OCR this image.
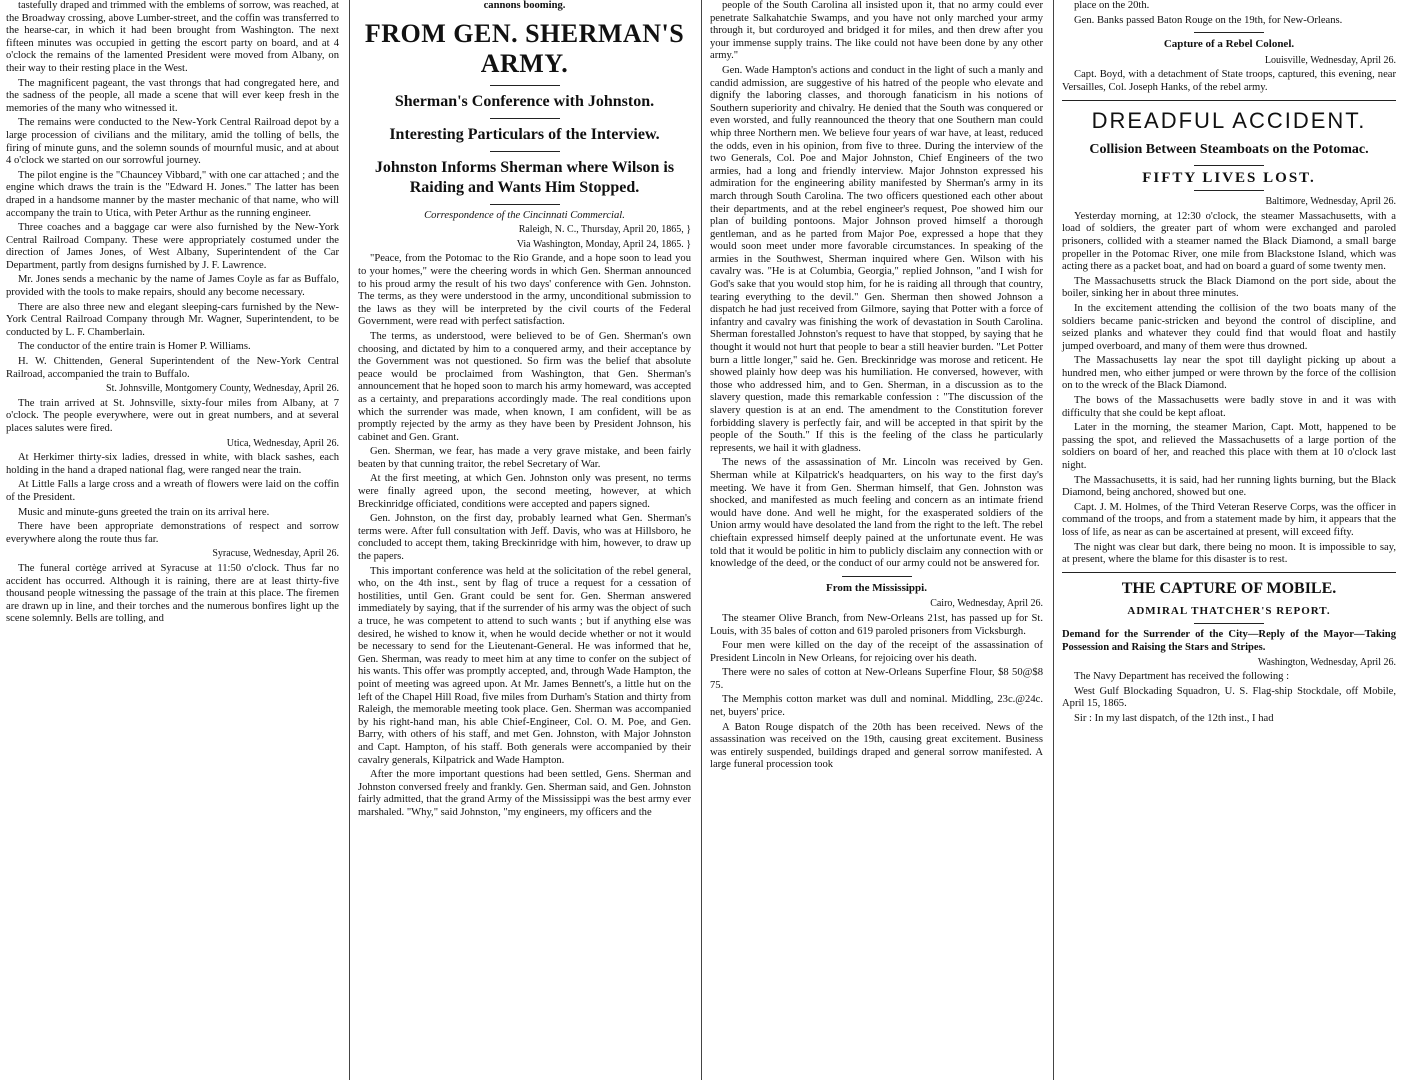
tastefully draped and trimmed with the emblems of sorrow, was reached, at the Broadway crossing, above Lumber-street, and the coffin was transferred to the hearse-car, in which it had been brought from Washington. The next fifteen minutes was occupied in getting the escort party on board, and at 4 o'clock the remains of the lamented President were moved from Albany, on their way to their resting place in the West.

The magnificent pageant, the vast throngs that had congregated here, and the sadness of the people, all made a scene that will ever keep fresh in the memories of the many who witnessed it.

The remains were conducted to the New-York Central Railroad depot by a large procession of civilians and the military, amid the tolling of bells, the firing of minute guns, and the solemn sounds of mournful music, and at about 4 o'clock we started on our sorrowful journey.

The pilot engine is the "Chauncey Vibbard," with one car attached ; and the engine which draws the train is the "Edward H. Jones." The latter has been draped in a handsome manner by the master mechanic of that name, who will accompany the train to Utica, with Peter Arthur as the running engineer.

Three coaches and a baggage car were also furnished by the New-York Central Railroad Company. These were appropriately costumed under the direction of James Jones, of West Albany, Superintendent of the Car Department, partly from designs furnished by J. F. Lawrence.

Mr. Jones sends a mechanic by the name of James Coyle as far as Buffalo, provided with the tools to make repairs, should any become necessary.

There are also three new and elegant sleeping-cars furnished by the New-York Central Railroad Company through Mr. Wagner, Superintendent, to be conducted by L. F. Chamberlain.

The conductor of the entire train is Homer P. Williams.

H. W. Chittenden, General Superintendent of the New-York Central Railroad, accompanied the train to Buffalo.

St. Johnsville, Montgomery County, Wednesday, April 26.

The train arrived at St. Johnsville, sixty-four miles from Albany, at 7 o'clock. The people everywhere, were out in great numbers, and at several places salutes were fired.

Utica, Wednesday, April 26.

At Herkimer thirty-six ladies, dressed in white, with black sashes, each holding in the hand a draped national flag, were ranged near the train.

At Little Falls a large cross and a wreath of flowers were laid on the coffin of the President.

Music and minute-guns greeted the train on its arrival here.

There have been appropriate demonstrations of respect and sorrow everywhere along the route thus far.

Syracuse, Wednesday, April 26.

The funeral cortège arrived at Syracuse at 11:50 o'clock. Thus far no accident has occurred. Although it is raining, there are at least thirty-five thousand people witnessing the passage of the train at this place. The firemen are drawn up in line, and their torches and the numerous bonfires light up the scene solemnly. Bells are tolling, and

cannons booming.

FROM GEN. SHERMAN'S ARMY.
Sherman's Conference with Johnston.
Interesting Particulars of the Interview.
Johnston Informs Sherman where Wilson is Raiding and Wants Him Stopped.

Correspondence of the Cincinnati Commercial.

Raleigh, N. C., Thursday, April 20, 1865, }
Via Washington, Monday, April 24, 1865. }

"Peace, from the Potomac to the Rio Grande, and a hope soon to lead you to your homes," were the cheering words in which Gen. Sherman announced to his proud army the result of his two days' conference with Gen. Johnston. The terms, as they were understood in the army, unconditional submission to the laws as they will be interpreted by the civil courts of the Federal Government, were read with perfect satisfaction.

The terms, as understood, were believed to be of Gen. Sherman's own choosing, and dictated by him to a conquered army, and their acceptance by the Government was not questioned. So firm was the belief that absolute peace would be proclaimed from Washington, that Gen. Sherman's announcement that he hoped soon to march his army homeward, was accepted as a certainty, and preparations accordingly made. The real conditions upon which the surrender was made, when known, I am confident, will be as promptly rejected by the army as they have been by President Johnson, his cabinet and Gen. Grant.

Gen. Sherman, we fear, has made a very grave mistake, and been fairly beaten by that cunning traitor, the rebel Secretary of War.

At the first meeting, at which Gen. Johnston only was present, no terms were finally agreed upon, the second meeting, however, at which Breckinridge officiated, conditions were accepted and papers signed.

Gen. Johnston, on the first day, probably learned what Gen. Sherman's terms were. After full consultation with Jeff. Davis, who was at Hillsboro, he concluded to accept them, taking Breckinridge with him, however, to draw up the papers.

This important conference was held at the solicitation of the rebel general, who, on the 4th inst., sent by flag of truce a request for a cessation of hostilities, until Gen. Grant could be sent for. Gen. Sherman answered immediately by saying, that if the surrender of his army was the object of such a truce, he was competent to attend to such wants ; but if anything else was desired, he wished to know it, when he would decide whether or not it would be necessary to send for the Lieutenant-General. He was informed that he, Gen. Sherman, was ready to meet him at any time to confer on the subject of his wants. This offer was promptly accepted, and, through Wade Hampton, the point of meeting was agreed upon. At Mr. James Bennett's, a little hut on the left of the Chapel Hill Road, five miles from Durham's Station and thirty from Raleigh, the memorable meeting took place. Gen. Sherman was accompanied by his right-hand man, his able Chief-Engineer, Col. O. M. Poe, and Gen. Barry, with others of his staff, and met Gen. Johnston, with Major Johnston and Capt. Hampton, of his staff. Both generals were accompanied by their cavalry generals, Kilpatrick and Wade Hampton.

After the more important questions had been settled, Gens. Sherman and Johnston conversed freely and frankly. Gen. Sherman said, and Gen. Johnston fairly admitted, that the grand Army of the Mississippi was the best army ever marshaled. "Why," said Johnston, "my engineers, my officers and the

people of the South Carolina all insisted upon it, that no army could ever penetrate Salkahatchie Swamps, and you have not only marched your army through it, but corduroyed and bridged it for miles, and then drew after you your immense supply trains. The like could not have been done by any other army."

Gen. Wade Hampton's actions and conduct in the light of such a manly and candid admission, are suggestive of his hatred of the people who elevate and dignify the laboring classes, and thorough fanaticism in his notions of Southern superiority and chivalry. He denied that the South was conquered or even worsted, and fully reannounced the theory that one Southern man could whip three Northern men. We believe four years of war have, at least, reduced the odds, even in his opinion, from five to three. During the interview of the two Generals, Col. Poe and Major Johnston, Chief Engineers of the two armies, had a long and friendly interview. Major Johnston expressed his admiration for the engineering ability manifested by Sherman's army in its march through South Carolina. The two officers questioned each other about their departments, and at the rebel engineer's request, Poe showed him our plan of building pontoons. Major Johnson proved himself a thorough gentleman, and as he parted from Major Poe, expressed a hope that they would soon meet under more favorable circumstances. In speaking of the armies in the Southwest, Sherman inquired where Gen. Wilson with his cavalry was. "He is at Columbia, Georgia," replied Johnson, "and I wish for God's sake that you would stop him, for he is raiding all through that country, tearing everything to the devil." Gen. Sherman then showed Johnson a dispatch he had just received from Gilmore, saying that Potter with a force of infantry and cavalry was finishing the work of devastation in South Carolina. Sherman forestalled Johnston's request to have that stopped, by saying that he thought it would not hurt that people to bear a still heavier burden. "Let Potter burn a little longer," said he. Gen. Breckinridge was morose and reticent. He showed plainly how deep was his humiliation. He conversed, however, with those who addressed him, and to Gen. Sherman, in a discussion as to the slavery question, made this remarkable confession : "The discussion of the slavery question is at an end. The amendment to the Constitution forever forbidding slavery is perfectly fair, and will be accepted in that spirit by the people of the South." If this is the feeling of the class he particularly represents, we hail it with gladness.

The news of the assassination of Mr. Lincoln was received by Gen. Sherman while at Kilpatrick's headquarters, on his way to the first day's meeting. We have it from Gen. Sherman himself, that Gen. Johnston was shocked, and manifested as much feeling and concern as an intimate friend would have done. And well he might, for the exasperated soldiers of the Union army would have desolated the land from the right to the left. The rebel chieftain expressed himself deeply pained at the unfortunate event. He was told that it would be politic in him to publicly disclaim any connection with or knowledge of the deed, or the conduct of our army could not be answered for.

From the Mississippi.
Cairo, Wednesday, April 26.

The steamer Olive Branch, from New-Orleans 21st, has passed up for St. Louis, with 35 bales of cotton and 619 paroled prisoners from Vicksburgh.

Four men were killed on the day of the receipt of the assassination of President Lincoln in New Orleans, for rejoicing over his death.

There were no sales of cotton at New-Orleans Superfine Flour, $8 50@$8 75.

The Memphis cotton market was dull and nominal. Middling, 23c.@24c. net, buyers' price.

A Baton Rouge dispatch of the 20th has been received. News of the assassination was received on the 19th, causing great excitement. Business was entirely suspended, buildings draped and general sorrow manifested. A large funeral procession took

place on the 20th.

Gen. Banks passed Baton Rouge on the 19th, for New-Orleans.

Capture of a Rebel Colonel.
Louisville, Wednesday, April 26.

Capt. Boyd, with a detachment of State troops, captured, this evening, near Versailles, Col. Joseph Hanks, of the rebel army.

DREADFUL ACCIDENT.
Collision Between Steamboats on the Potomac.
FIFTY LIVES LOST.
Baltimore, Wednesday, April 26.

Yesterday morning, at 12:30 o'clock, the steamer Massachusetts, with a load of soldiers, the greater part of whom were exchanged and paroled prisoners, collided with a steamer named the Black Diamond, a small barge propeller in the Potomac River, one mile from Blackstone Island, which was acting there as a packet boat, and had on board a guard of some twenty men.

The Massachusetts struck the Black Diamond on the port side, about the boiler, sinking her in about three minutes.

In the excitement attending the collision of the two boats many of the soldiers became panic-stricken and beyond the control of discipline, and seized planks and whatever they could find that would float and hastily jumped overboard, and many of them were thus drowned.

The Massachusetts lay near the spot till daylight picking up about a hundred men, who either jumped or were thrown by the force of the collision on to the wreck of the Black Diamond.

The bows of the Massachusetts were badly stove in and it was with difficulty that she could be kept afloat.

Later in the morning, the steamer Marion, Capt. Mott, happened to be passing the spot, and relieved the Massachusetts of a large portion of the soldiers on board of her, and reached this place with them at 10 o'clock last night.

The Massachusetts, it is said, had her running lights burning, but the Black Diamond, being anchored, showed but one.

Capt. J. M. Holmes, of the Third Veteran Reserve Corps, was the officer in command of the troops, and from a statement made by him, it appears that the loss of life, as near as can be ascertained at present, will exceed fifty.

The night was clear but dark, there being no moon. It is impossible to say, at present, where the blame for this disaster is to rest.

THE CAPTURE OF MOBILE.
ADMIRAL THATCHER'S REPORT.

Demand for the Surrender of the City—Reply of the Mayor—Taking Possession and Raising the Stars and Stripes.

Washington, Wednesday, April 26.

The Navy Department has received the following :

West Gulf Blockading Squadron, U. S. Flag-ship Stockdale, off Mobile, April 15, 1865.

Sir : In my last dispatch, of the 12th inst., I had
